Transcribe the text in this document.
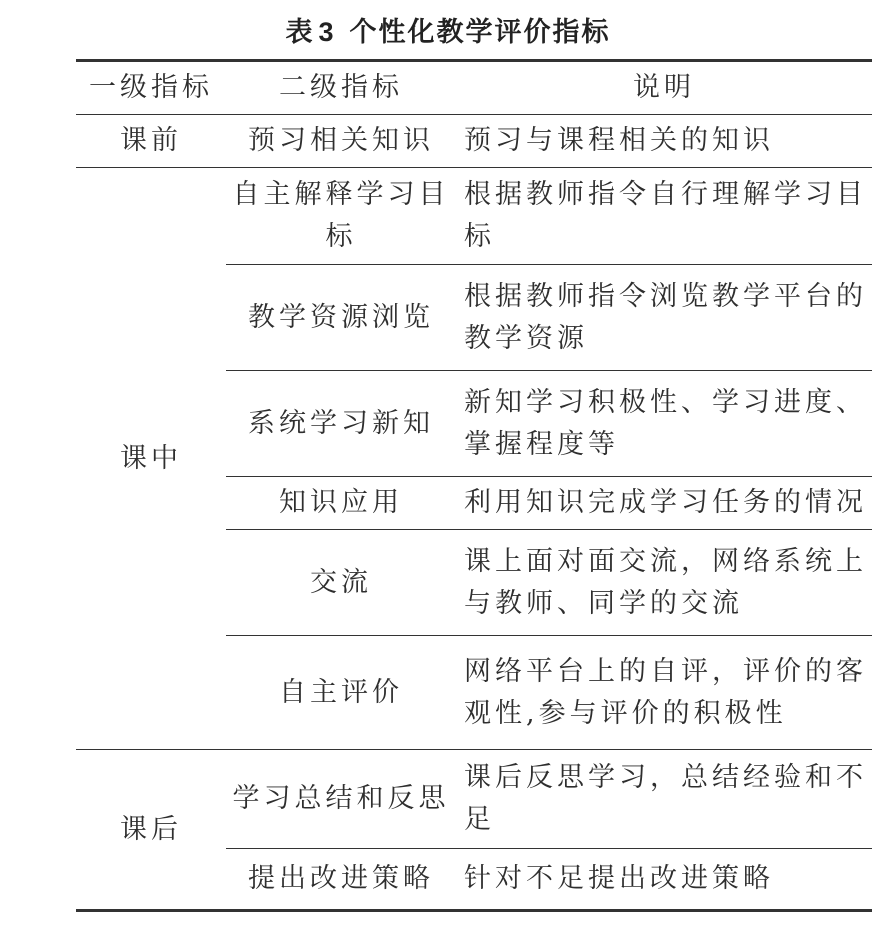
表 3 个性化教学评价指标
一级指标	二级指标	说明
课前	预习相关知识	预习与课程相关的知识
课中	自主解释学习目标	根据教师指令自行理解学习目标
	教学资源浏览	根据教师指令浏览教学平台的教学资源
	系统学习新知	新知学习积极性、学习进度、掌握程度等
	知识应用	利用知识完成学习任务的情况
	交流	课上面对面交流，网络系统上与教师、同学的交流
	自主评价	网络平台上的自评，评价的客观性,参与评价的积极性
课后	学习总结和反思	课后反思学习，总结经验和不足
	提出改进策略	针对不足提出改进策略
